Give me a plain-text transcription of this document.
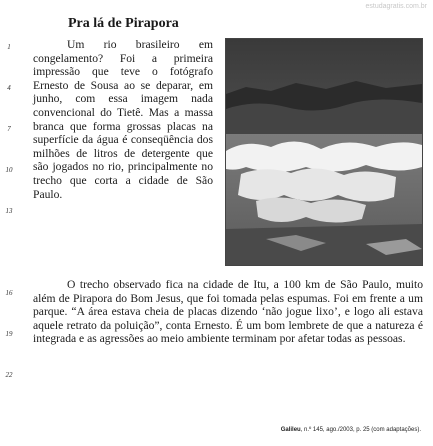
estudagratis.com.br
Pra lá de Pirapora
1
4
7
10
13
16
19
22

Um rio brasileiro em congelamento? Foi a primeira impressão que teve o fotógrafo Ernesto de Sousa ao se deparar, em junho, com essa imagem nada convencional do Tietê. Mas a massa branca que forma grossas placas na superfície da água é conseqüência dos milhões de litros de detergente que são jogados no rio, principalmente no trecho que corta a cidade de São Paulo.

O trecho observado fica na cidade de Itu, a 100 km de São Paulo, muito além de Pirapora do Bom Jesus, que foi tomada pelas espumas. Foi em frente a um parque. “A área estava cheia de placas dizendo ‘não jogue lixo’, e logo ali estava aquele retrato da poluição”, conta Ernesto. É um bom lembrete de que a natureza é integrada e as agressões ao meio ambiente terminam por afetar todas as pessoas.

Galileu, n.º 145, ago./2003, p. 25 (com adaptações).
